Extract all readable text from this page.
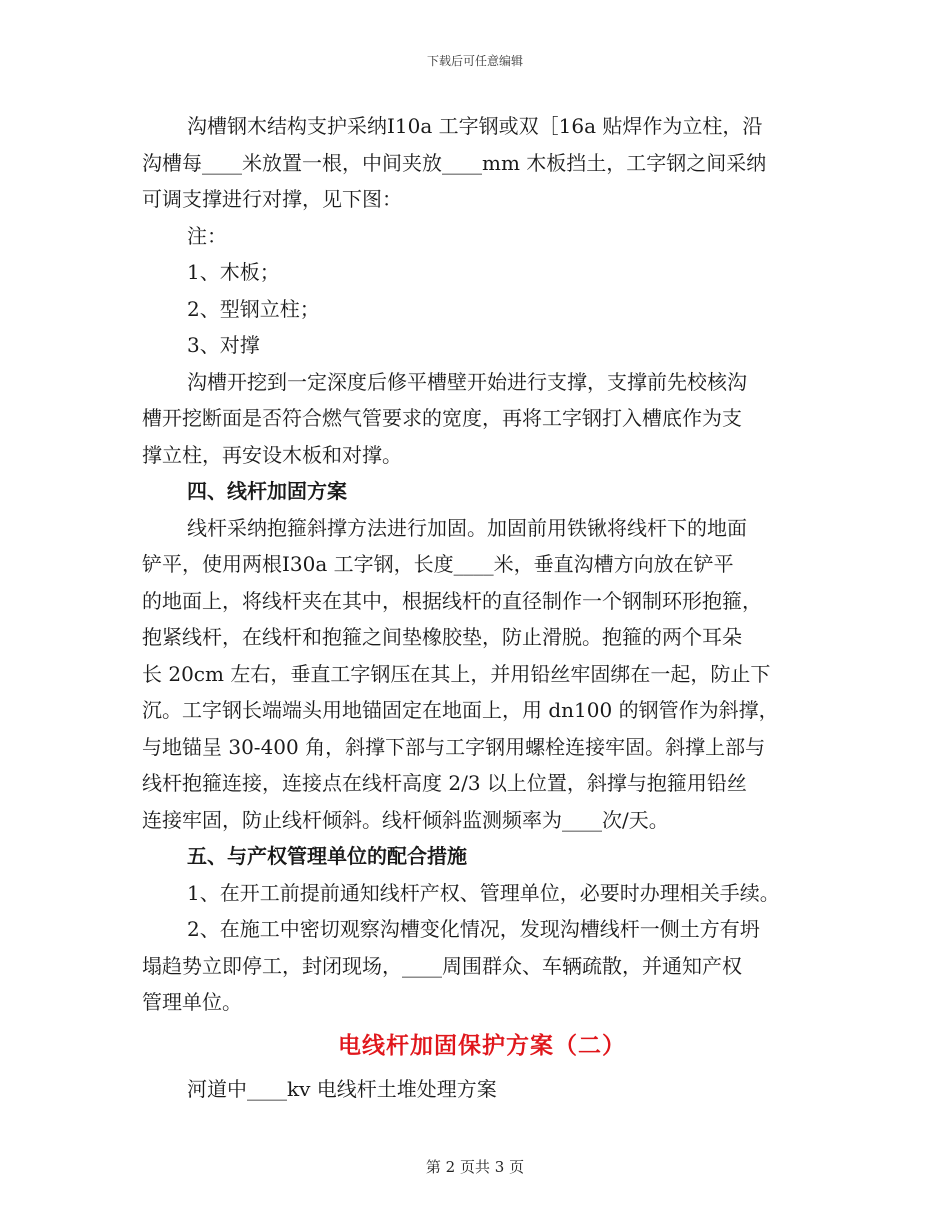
下载后可任意编辑
沟槽钢木结构支护采纳Ⅰ10a 工字钢或双［16a 贴焊作为立柱，沿
沟槽每____米放置一根，中间夹放____mm 木板挡土，工字钢之间采纳
可调支撑进行对撑，见下图：
注：
1、木板；
2、型钢立柱；
3、对撑
沟槽开挖到一定深度后修平槽壁开始进行支撑，支撑前先校核沟
槽开挖断面是否符合燃气管要求的宽度，再将工字钢打入槽底作为支
撑立柱，再安设木板和对撑。
四、线杆加固方案
线杆采纳抱箍斜撑方法进行加固。加固前用铁锹将线杆下的地面
铲平，使用两根Ⅰ30a 工字钢，长度____米，垂直沟槽方向放在铲平
的地面上，将线杆夹在其中，根据线杆的直径制作一个钢制环形抱箍，
抱紧线杆，在线杆和抱箍之间垫橡胶垫，防止滑脱。抱箍的两个耳朵
长 20cm 左右，垂直工字钢压在其上，并用铅丝牢固绑在一起，防止下
沉。工字钢长端端头用地锚固定在地面上，用 dn100 的钢管作为斜撑，
与地锚呈 30-400 角，斜撑下部与工字钢用螺栓连接牢固。斜撑上部与
线杆抱箍连接，连接点在线杆高度 2/3 以上位置，斜撑与抱箍用铅丝
连接牢固，防止线杆倾斜。线杆倾斜监测频率为____次/天。
五、与产权管理单位的配合措施
1、在开工前提前通知线杆产权、管理单位，必要时办理相关手续。
2、在施工中密切观察沟槽变化情况，发现沟槽线杆一侧土方有坍
塌趋势立即停工，封闭现场，____周围群众、车辆疏散，并通知产权
管理单位。
电线杆加固保护方案（二）
河道中____kv 电线杆土堆处理方案
第 2 页共 3 页
